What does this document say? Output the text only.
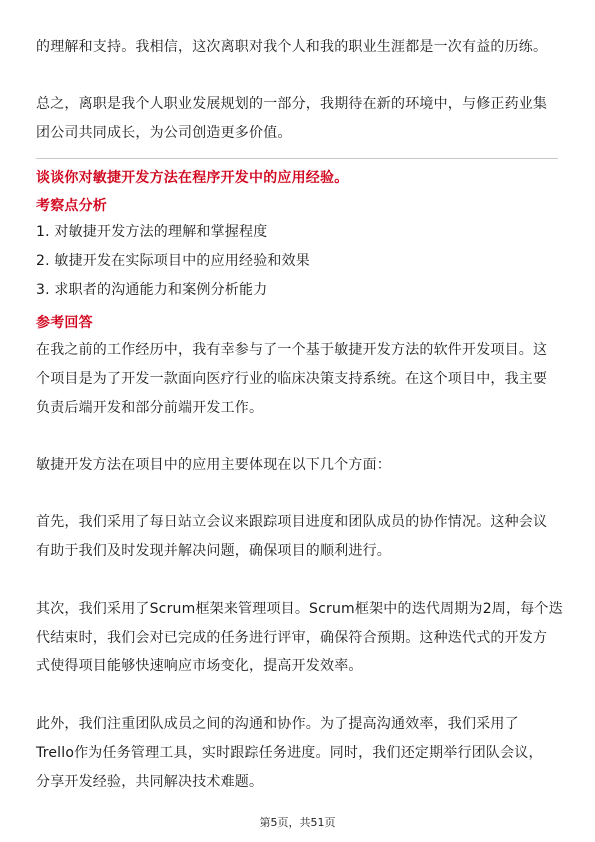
的理解和支持。我相信，这次离职对我个人和我的职业生涯都是一次有益的历练。
总之，离职是我个人职业发展规划的一部分，我期待在新的环境中，与修正药业集
团公司共同成长，为公司创造更多价值。
谈谈你对敏捷开发方法在程序开发中的应用经验。
考察点分析
1. 对敏捷开发方法的理解和掌握程度
2. 敏捷开发在实际项目中的应用经验和效果
3. 求职者的沟通能力和案例分析能力
参考回答
在我之前的工作经历中，我有幸参与了一个基于敏捷开发方法的软件开发项目。这
个项目是为了开发一款面向医疗行业的临床决策支持系统。在这个项目中，我主要
负责后端开发和部分前端开发工作。
敏捷开发方法在项目中的应用主要体现在以下几个方面：
首先，我们采用了每日站立会议来跟踪项目进度和团队成员的协作情况。这种会议
有助于我们及时发现并解决问题，确保项目的顺利进行。
其次，我们采用了Scrum框架来管理项目。Scrum框架中的迭代周期为2周，每个迭
代结束时，我们会对已完成的任务进行评审，确保符合预期。这种迭代式的开发方
式使得项目能够快速响应市场变化，提高开发效率。
此外，我们注重团队成员之间的沟通和协作。为了提高沟通效率，我们采用了
Trello作为任务管理工具，实时跟踪任务进度。同时，我们还定期举行团队会议，
分享开发经验，共同解决技术难题。
第5页，共51页
